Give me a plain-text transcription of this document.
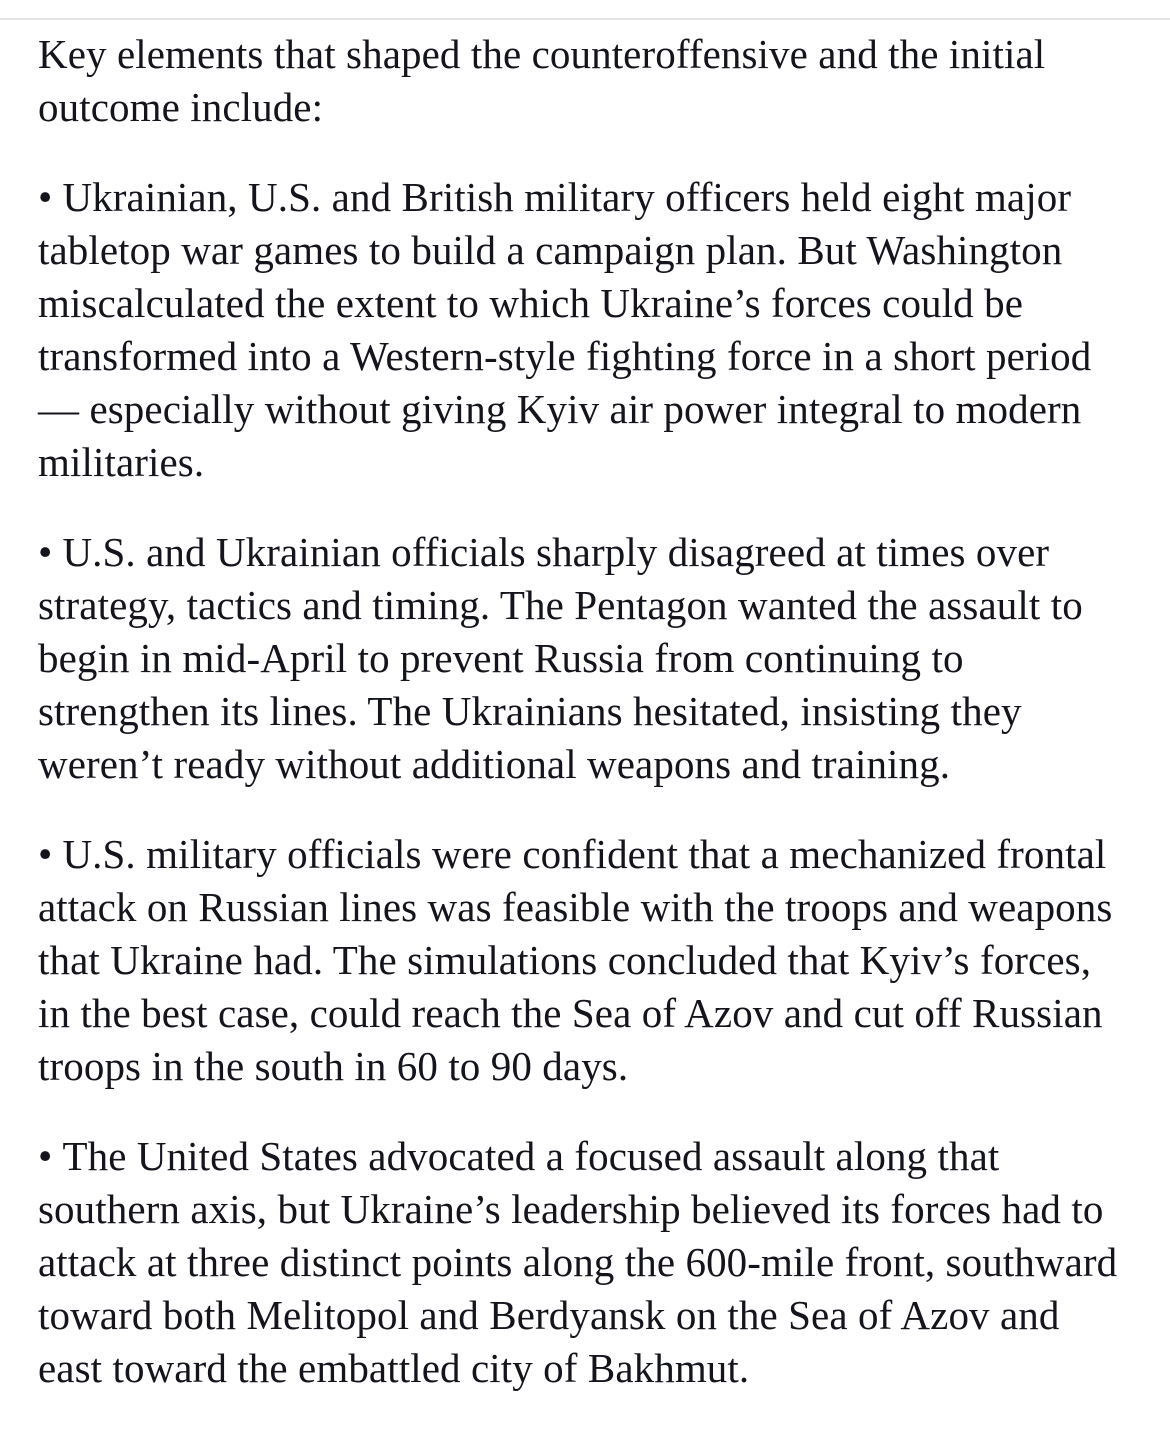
Key elements that shaped the counteroffensive and the initial outcome include:

• Ukrainian, U.S. and British military officers held eight major tabletop war games to build a campaign plan. But Washington miscalculated the extent to which Ukraine’s forces could be transformed into a Western-style fighting force in a short period — especially without giving Kyiv air power integral to modern militaries.

• U.S. and Ukrainian officials sharply disagreed at times over strategy, tactics and timing. The Pentagon wanted the assault to begin in mid-April to prevent Russia from continuing to strengthen its lines. The Ukrainians hesitated, insisting they weren’t ready without additional weapons and training.

• U.S. military officials were confident that a mechanized frontal attack on Russian lines was feasible with the troops and weapons that Ukraine had. The simulations concluded that Kyiv’s forces, in the best case, could reach the Sea of Azov and cut off Russian troops in the south in 60 to 90 days.

• The United States advocated a focused assault along that southern axis, but Ukraine’s leadership believed its forces had to attack at three distinct points along the 600-mile front, southward toward both Melitopol and Berdyansk on the Sea of Azov and east toward the embattled city of Bakhmut.
